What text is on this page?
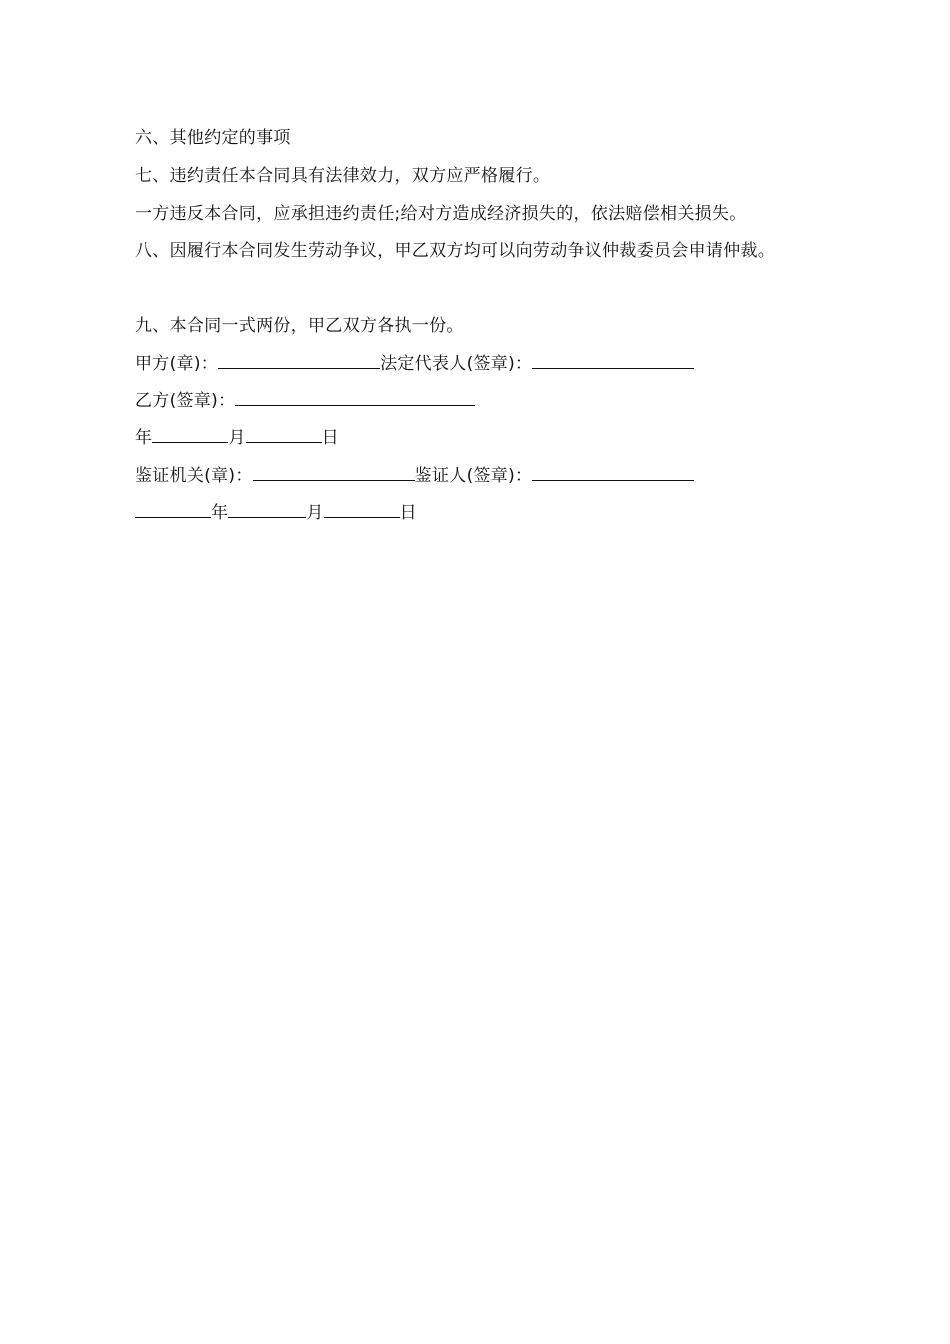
六、其他约定的事项
七、违约责任本合同具有法律效力，双方应严格履行。
一方违反本合同，应承担违约责任;给对方造成经济损失的，依法赔偿相关损失。
八、因履行本合同发生劳动争议，甲乙双方均可以向劳动争议仲裁委员会申请仲裁。
九、本合同一式两份，甲乙双方各执一份。
甲方(章)：	法定代表人(签章)：
乙方(签章)：
年	月	日
鉴证机关(章)：	鉴证人(签章)：
年	月	日
